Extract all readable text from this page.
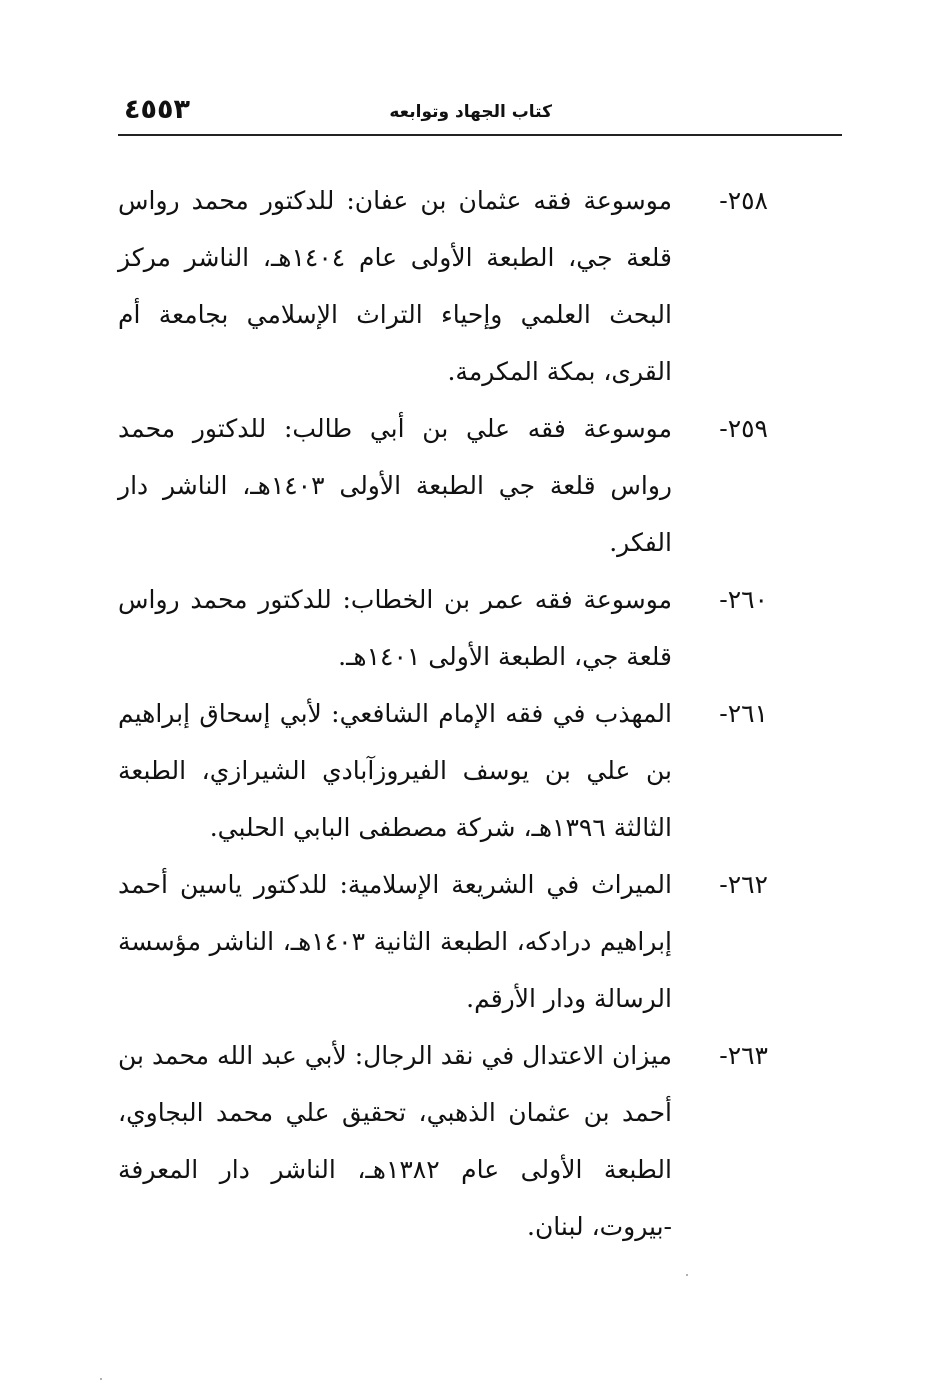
كتاب الجهاد وتوابعه
٤٥٥٣
٢٥٨-
موسوعة فقه عثمان بن عفان: للدكتور محمد رواس قلعة جي، الطبعة الأولى عام ١٤٠٤هـ، الناشر مركز البحث العلمي وإحياء التراث الإسلامي بجامعة أم القرى، بمكة المكرمة.
٢٥٩-
موسوعة فقه علي بن أبي طالب: للدكتور محمد رواس قلعة جي الطبعة الأولى ١٤٠٣هـ، الناشر دار الفكر.
٢٦٠-
موسوعة فقه عمر بن الخطاب: للدكتور محمد رواس قلعة جي، الطبعة الأولى ١٤٠١هـ.
٢٦١-
المهذب في فقه الإمام الشافعي: لأبي إسحاق إبراهيم بن علي بن يوسف الفيروزآبادي الشيرازي، الطبعة الثالثة ١٣٩٦هـ، شركة مصطفى البابي الحلبي.
٢٦٢-
الميراث في الشريعة الإسلامية: للدكتور ياسين أحمد إبراهيم درادكه، الطبعة الثانية ١٤٠٣هـ، الناشر مؤسسة الرسالة ودار الأرقم.
٢٦٣-
ميزان الاعتدال في نقد الرجال: لأبي عبد الله محمد بن أحمد بن عثمان الذهبي، تحقيق علي محمد البجاوي، الطبعة الأولى عام ١٣٨٢هـ، الناشر دار المعرفة -بيروت، لبنان.
